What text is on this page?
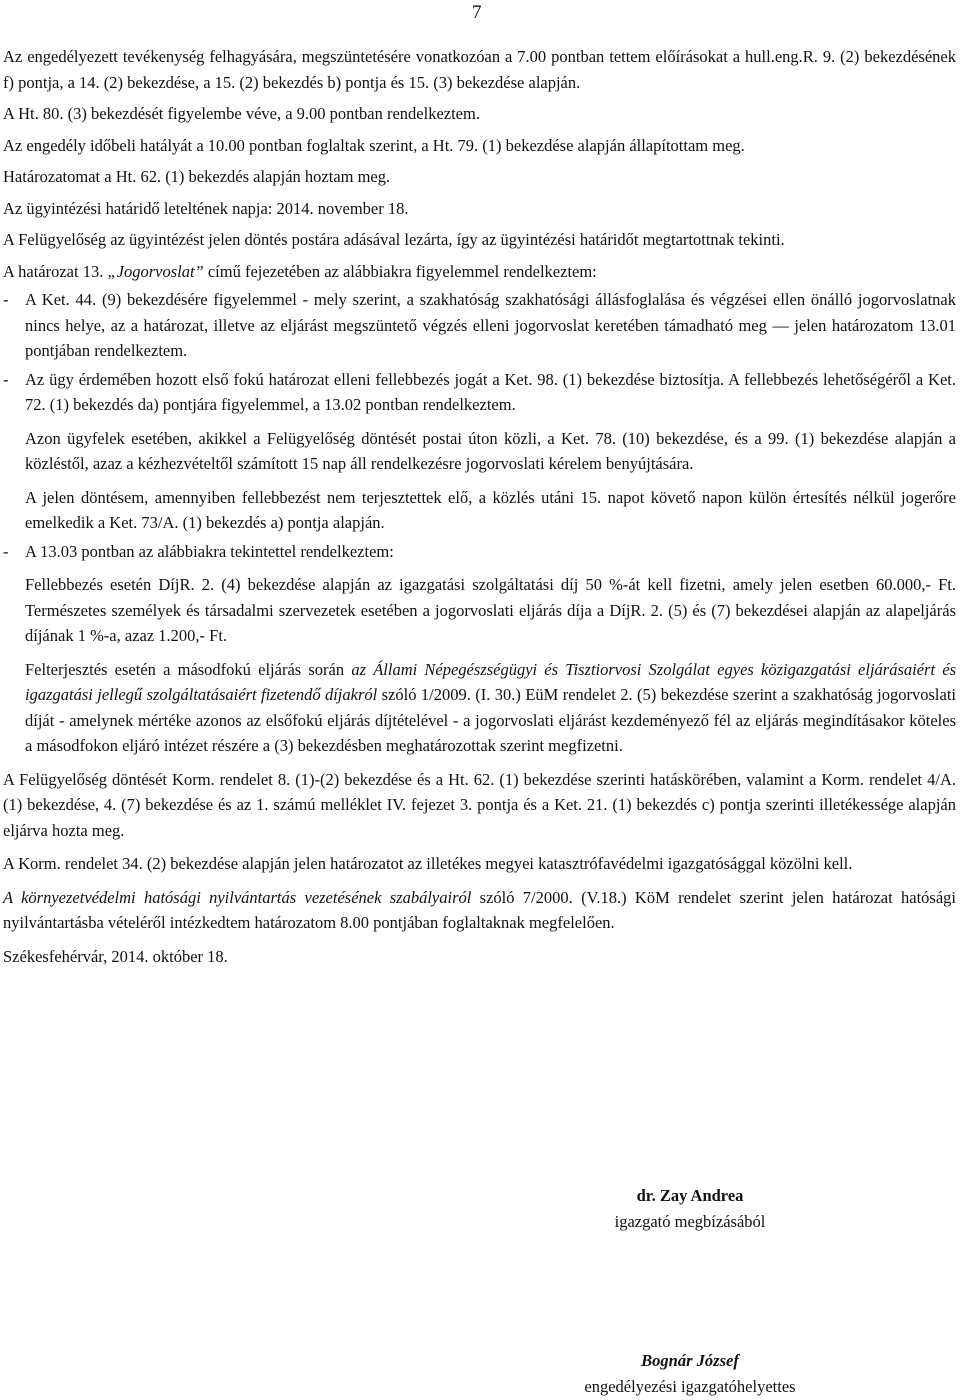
7

Az engedélyezett tevékenység felhagyására, megszüntetésére vonatkozóan a 7.00 pontban tettem előírásokat a hull.eng.R. 9. (2) bekezdésének f) pontja, a 14. (2) bekezdése, a 15. (2) bekezdés b) pontja és 15. (3) bekezdése alapján.

A Ht. 80. (3) bekezdését figyelembe véve, a 9.00 pontban rendelkeztem.

Az engedély időbeli hatályát a 10.00 pontban foglaltak szerint, a Ht. 79. (1) bekezdése alapján állapítottam meg.

Határozatomat a Ht. 62. (1) bekezdés alapján hoztam meg.

Az ügyintézési határidő leteltének napja: 2014. november 18.

A Felügyelőség az ügyintézést jelen döntés postára adásával lezárta, így az ügyintézési határidőt megtartottnak tekinti.

A határozat 13. „Jogorvoslat” című fejezetében az alábbiakra figyelemmel rendelkeztem:

- A Ket. 44. (9) bekezdésére figyelemmel - mely szerint, a szakhatóság szakhatósági állásfoglalása és végzései ellen önálló jogorvoslatnak nincs helye, az a határozat, illetve az eljárást megszüntető végzés elleni jogorvoslat keretében támadható meg ― jelen határozatom 13.01 pontjában rendelkeztem.

- Az ügy érdemében hozott első fokú határozat elleni fellebbezés jogát a Ket. 98. (1) bekezdése biztosítja. A fellebbezés lehetőségéről a Ket. 72. (1) bekezdés da) pontjára figyelemmel, a 13.02 pontban rendelkeztem.

Azon ügyfelek esetében, akikkel a Felügyelőség döntését postai úton közli, a Ket. 78. (10) bekezdése, és a 99. (1) bekezdése alapján a közléstől, azaz a kézhezvételtől számított 15 nap áll rendelkezésre jogorvoslati kérelem benyújtására.

A jelen döntésem, amennyiben fellebbezést nem terjesztettek elő, a közlés utáni 15. napot követő napon külön értesítés nélkül jogerőre emelkedik a Ket. 73/A. (1) bekezdés a) pontja alapján.

- A 13.03 pontban az alábbiakra tekintettel rendelkeztem:

Fellebbezés esetén DíjR. 2. (4) bekezdése alapján az igazgatási szolgáltatási díj 50 %-át kell fizetni, amely jelen esetben 60.000,- Ft. Természetes személyek és társadalmi szervezetek esetében a jogorvoslati eljárás díja a DíjR. 2. (5) és (7) bekezdései alapján az alapeljárás díjának 1 %-a, azaz 1.200,- Ft.

Felterjesztés esetén a másodfokú eljárás során az Állami Népegészségügyi és Tisztiorvosi Szolgálat egyes közigazgatási eljárásaiért és igazgatási jellegű szolgáltatásaiért fizetendő díjakról szóló 1/2009. (I. 30.) EüM rendelet 2. (5) bekezdése szerint a szakhatóság jogorvoslati díját - amelynek mértéke azonos az elsőfokú eljárás díjtételével - a jogorvoslati eljárást kezdeményező fél az eljárás megindításakor köteles a másodfokon eljáró intézet részére a (3) bekezdésben meghatározottak szerint megfizetni.

A Felügyelőség döntését Korm. rendelet 8. (1)-(2) bekezdése és a Ht. 62. (1) bekezdése szerinti hatáskörében, valamint a Korm. rendelet 4/A. (1) bekezdése, 4. (7) bekezdése és az 1. számú melléklet IV. fejezet 3. pontja és a Ket. 21. (1) bekezdés c) pontja szerinti illetékessége alapján eljárva hozta meg.

A Korm. rendelet 34. (2) bekezdése alapján jelen határozatot az illetékes megyei katasztrófavédelmi igazgatósággal közölni kell.

A környezetvédelmi hatósági nyilvántartás vezetésének szabályairól szóló 7/2000. (V.18.) KöM rendelet szerint jelen határozat hatósági nyilvántartásba vételéről intézkedtem határozatom 8.00 pontjában foglaltaknak megfelelően.

Székesfehérvár, 2014. október 18.

dr. Zay Andrea
igazgató megbízásából
Bognár József
engedélyezési igazgatóhelyettes
